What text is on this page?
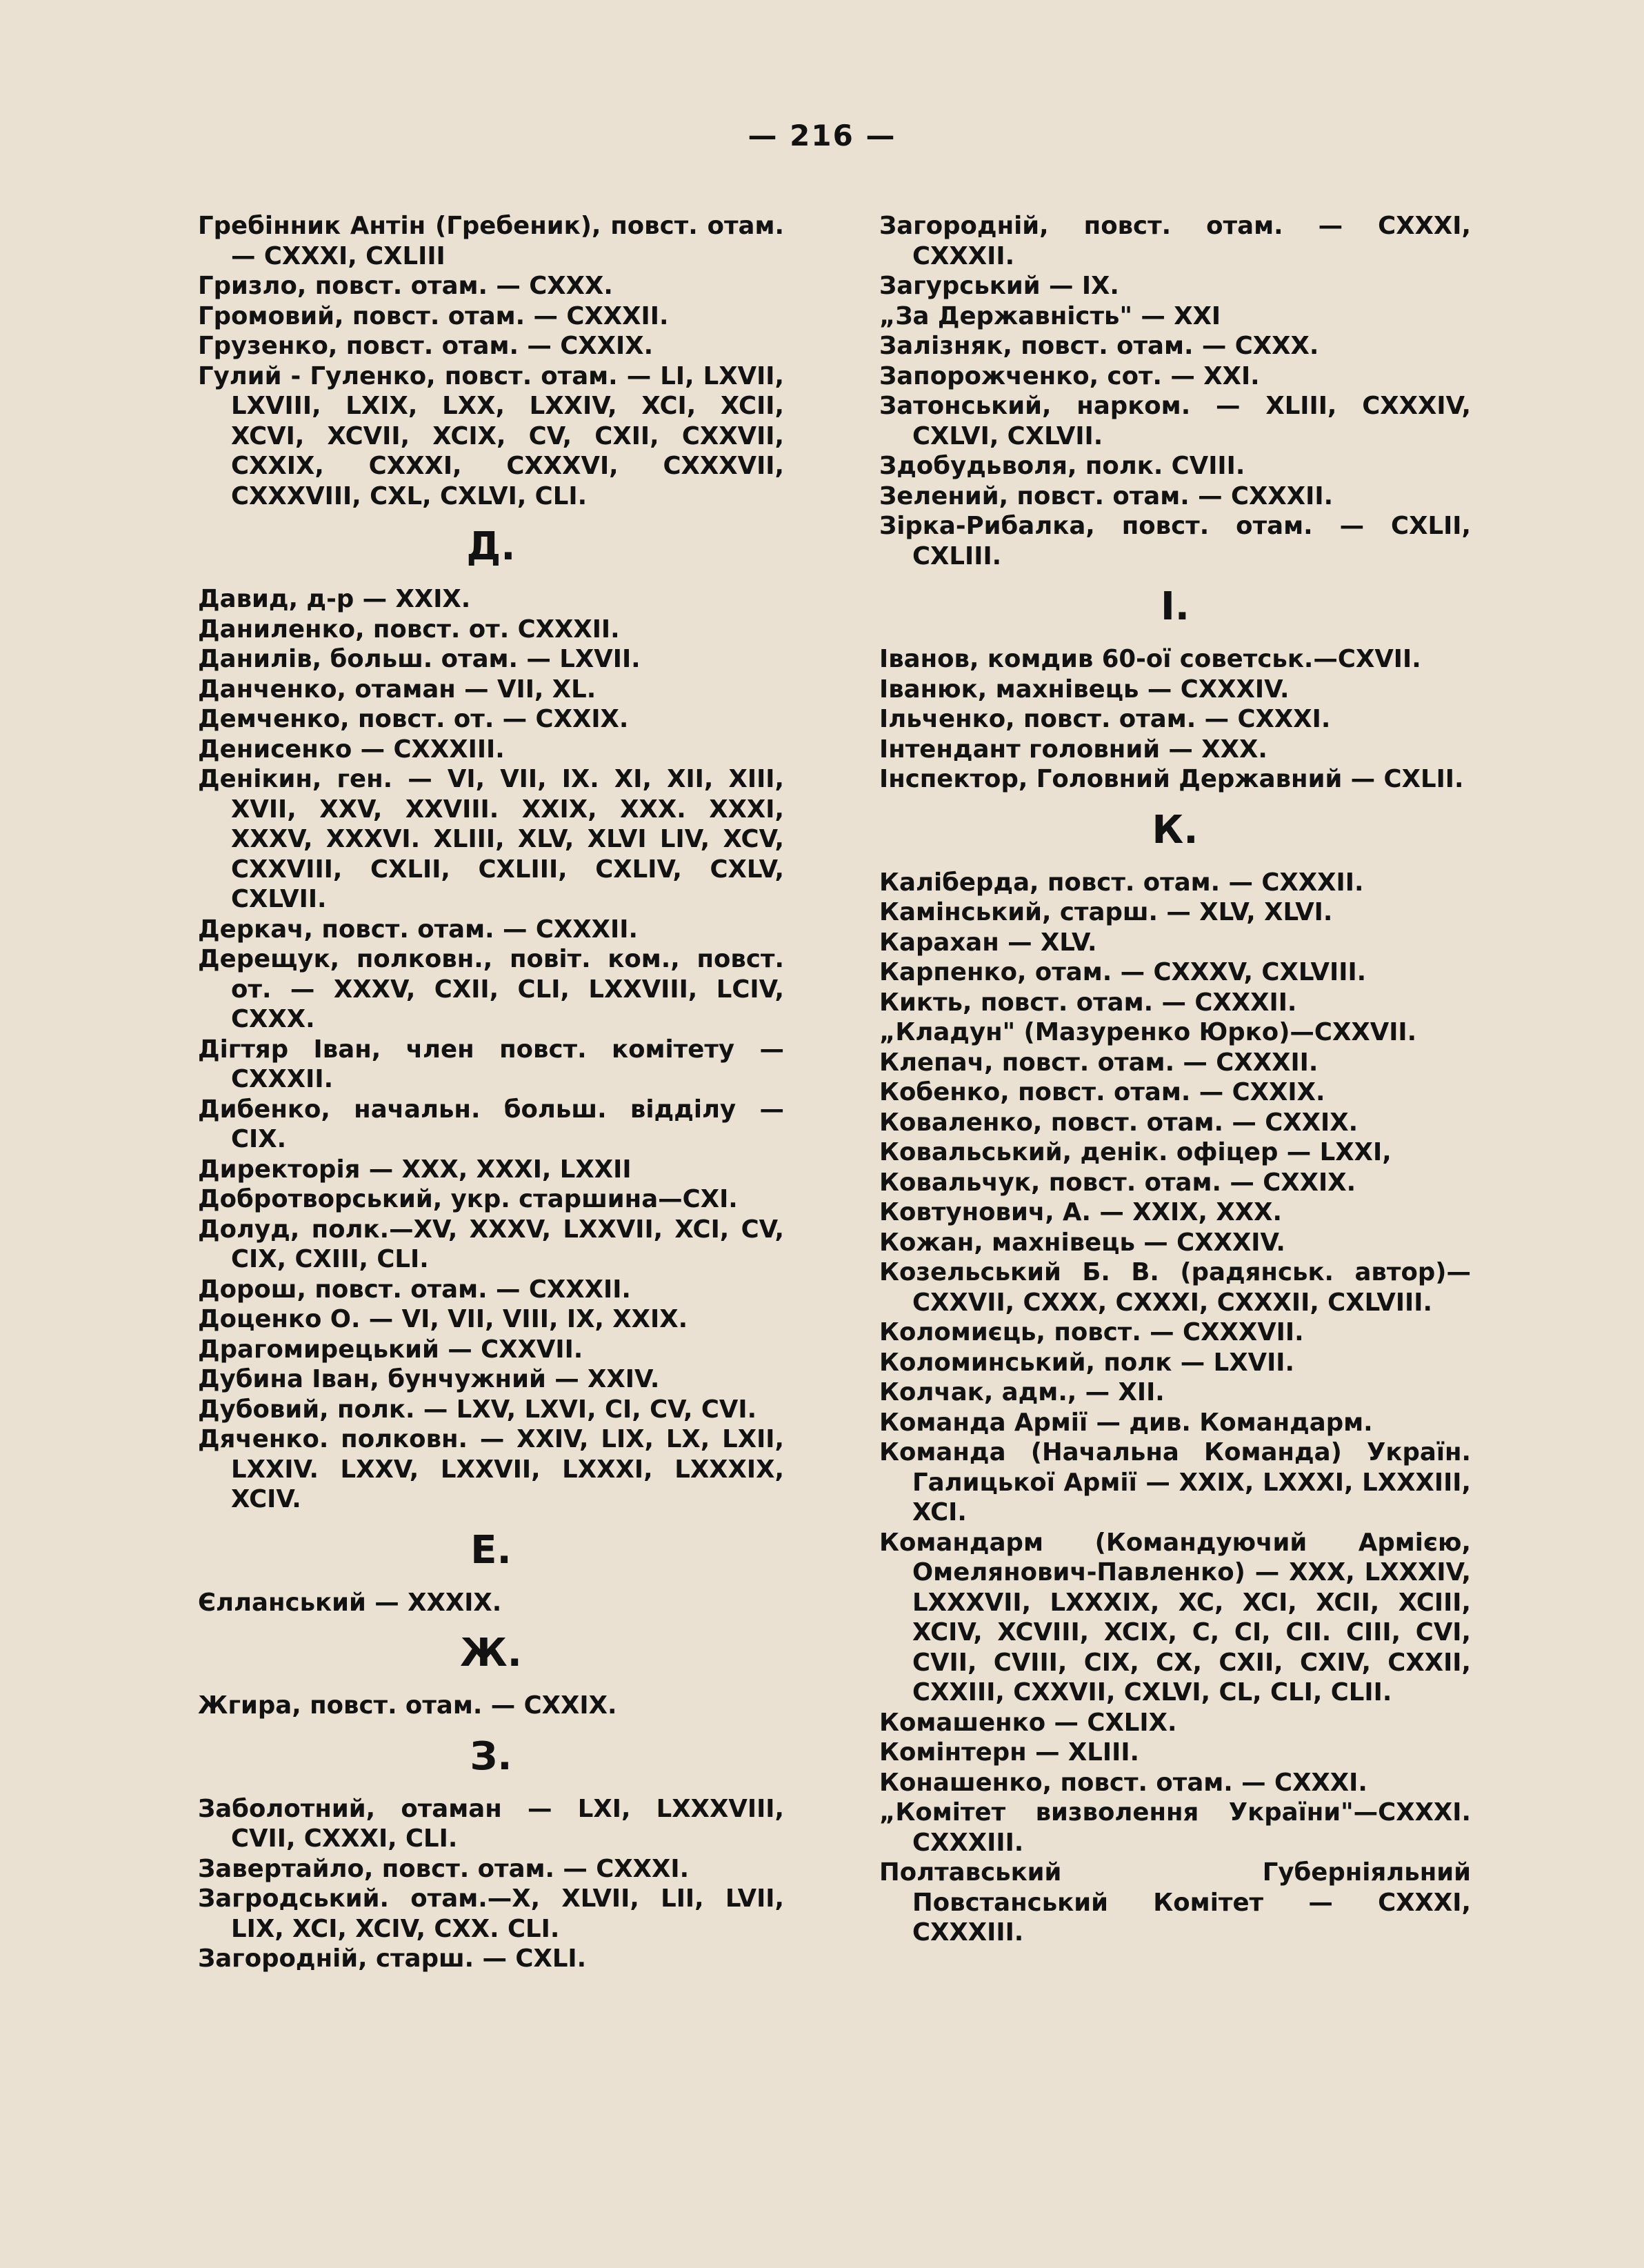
— 216 —
Гребінник Антін (Гребеник), повст. отам. — CXXXI, CXLIII
Гризло, повст. отам. — CXXX.
Громовий, повст. отам. — CXXXII.
Грузенко, повст. отам. — CXXIX.
Гулий - Гуленко, повст. отам. — LI, LXVII, LXVIII, LXIX, LXX, LXXIV, XCI, XCII, XCVI, XCVII, XCIX, CV, CXII, CXXVII, CXXIX, CXXXI, CXXXVI, CXXXVII, CXXXVIII, CXL, CXLVI, CLI.
Д.
Давид, д-р — XXIX.
Даниленко, повст. от. CXXXII.
Данилів, больш. отам. — LXVII.
Данченко, отаман — VII, XL.
Демченко, повст. от. — CXXIX.
Денисенко — CXXXIII.
Денікин, ген. — VI, VII, IX. XI, XII, XIII, XVII, XXV, XXVIII. XXIX, XXX. XXXI, XXXV, XXXVI. XLIII, XLV, XLVI LIV, XCV, CXXVIII, CXLII, CXLIII, CXLIV, CXLV, CXLVII.
Деркач, повст. отам. — CXXXII.
Дерещук, полковн., повіт. ком., повст. от. — XXXV, CXII, CLI, LXXVIII, LCIV, CXXX.
Дігтяр Іван, член повст. комітету — CXXXII.
Дибенко, начальн. больш. відділу — CIX.
Директорія — XXX, XXXI, LXXII
Добротворський, укр. старшина—CXI.
Долуд, полк.—XV, XXXV, LXXVII, XCI, CV, CIX, CXIII, CLI.
Дорош, повст. отам. — CXXXII.
Доценко О. — VI, VII, VIII, IX, XXIX.
Драгомирецький — CXXVII.
Дубина Іван, бунчужний — XXIV.
Дубовий, полк. — LXV, LXVI, CI, CV, CVI.
Дяченко. полковн. — XXIV, LIX, LX, LXII, LXXIV. LXXV, LXXVII, LXXXI, LXXXIX, XCIV.
Е.
Єлланський — XXXIX.
Ж.
Жгира, повст. отам. — CXXIX.
З.
Заболотний, отаман — LXI, LXXXVIII, CVII, CXXXI, CLI.
Завертайло, повст. отам. — CXXXI.
Загродський. отам.—X, XLVII, LII, LVII, LIX, XCI, XCIV, CXX. CLI.
Загородній, старш. — CXLI.
Загородній, повст. отам. — CXXXI, CXXXII.
Загурський — IX.
„За Державність" — XXI
Залізняк, повст. отам. — CXXX.
Запорожченко, сот. — XXI.
Затонський, нарком. — XLIII, CXXXIV, CXLVI, CXLVII.
Здобудьволя, полк. CVIII.
Зелений, повст. отам. — CXXXII.
Зірка-Рибалка, повст. отам. — CXLII, CXLIII.
І.
Іванов, комдив 60-ої советськ.—CXVII.
Іванюк, махнівець — CXXXIV.
Ільченко, повст. отам. — CXXXI.
Інтендант головний — XXX.
Інспектор, Головний Державний — CXLII.
К.
Каліберда, повст. отам. — CXXXII.
Камінський, старш. — XLV, XLVI.
Карахан — XLV.
Карпенко, отам. — CXXXV, CXLVIII.
Кикть, повст. отам. — CXXXII.
„Кладун" (Мазуренко Юрко)—CXXVII.
Клепач, повст. отам. — CXXXII.
Кобенко, повст. отам. — CXXIX.
Коваленко, повст. отам. — CXXIX.
Ковальський, денік. офіцер — LXXI,
Ковальчук, повст. отам. — CXXIX.
Ковтунович, А. — XXIX, XXX.
Кожан, махнівець — CXXXIV.
Козельський Б. В. (радянськ. автор)— CXXVII, CXXX, CXXXI, CXXXII, CXLVIII.
Коломиєць, повст. — CXXXVII.
Коломинський, полк — LXVII.
Колчак, адм., — XII.
Команда Армії — див. Командарм.
Команда (Начальна Команда) Україн. Галицької Армії — XXIX, LXXXI, LXXXIII, XCI.
Командарм (Командуючий Армією, Омелянович-Павленко) — XXX, LXXXIV, LXXXVII, LXXXIX, XC, XCI, XCII, XCIII, XCIV, XCVIII, XCIX, C, CI, CII. CIII, CVI, CVII, CVIII, CIX, CX, CXII, CXIV, CXXII, CXXIII, CXXVII, CXLVI, CL, CLI, CLII.
Комашенко — CXLIX.
Комінтерн — XLIII.
Конашенко, повст. отам. — CXXXI.
„Комітет визволення України"—CXXXI. CXXXIII.
Полтавський Губерніяльний Повстанський Комітет — CXXXI, CXXXIII.
